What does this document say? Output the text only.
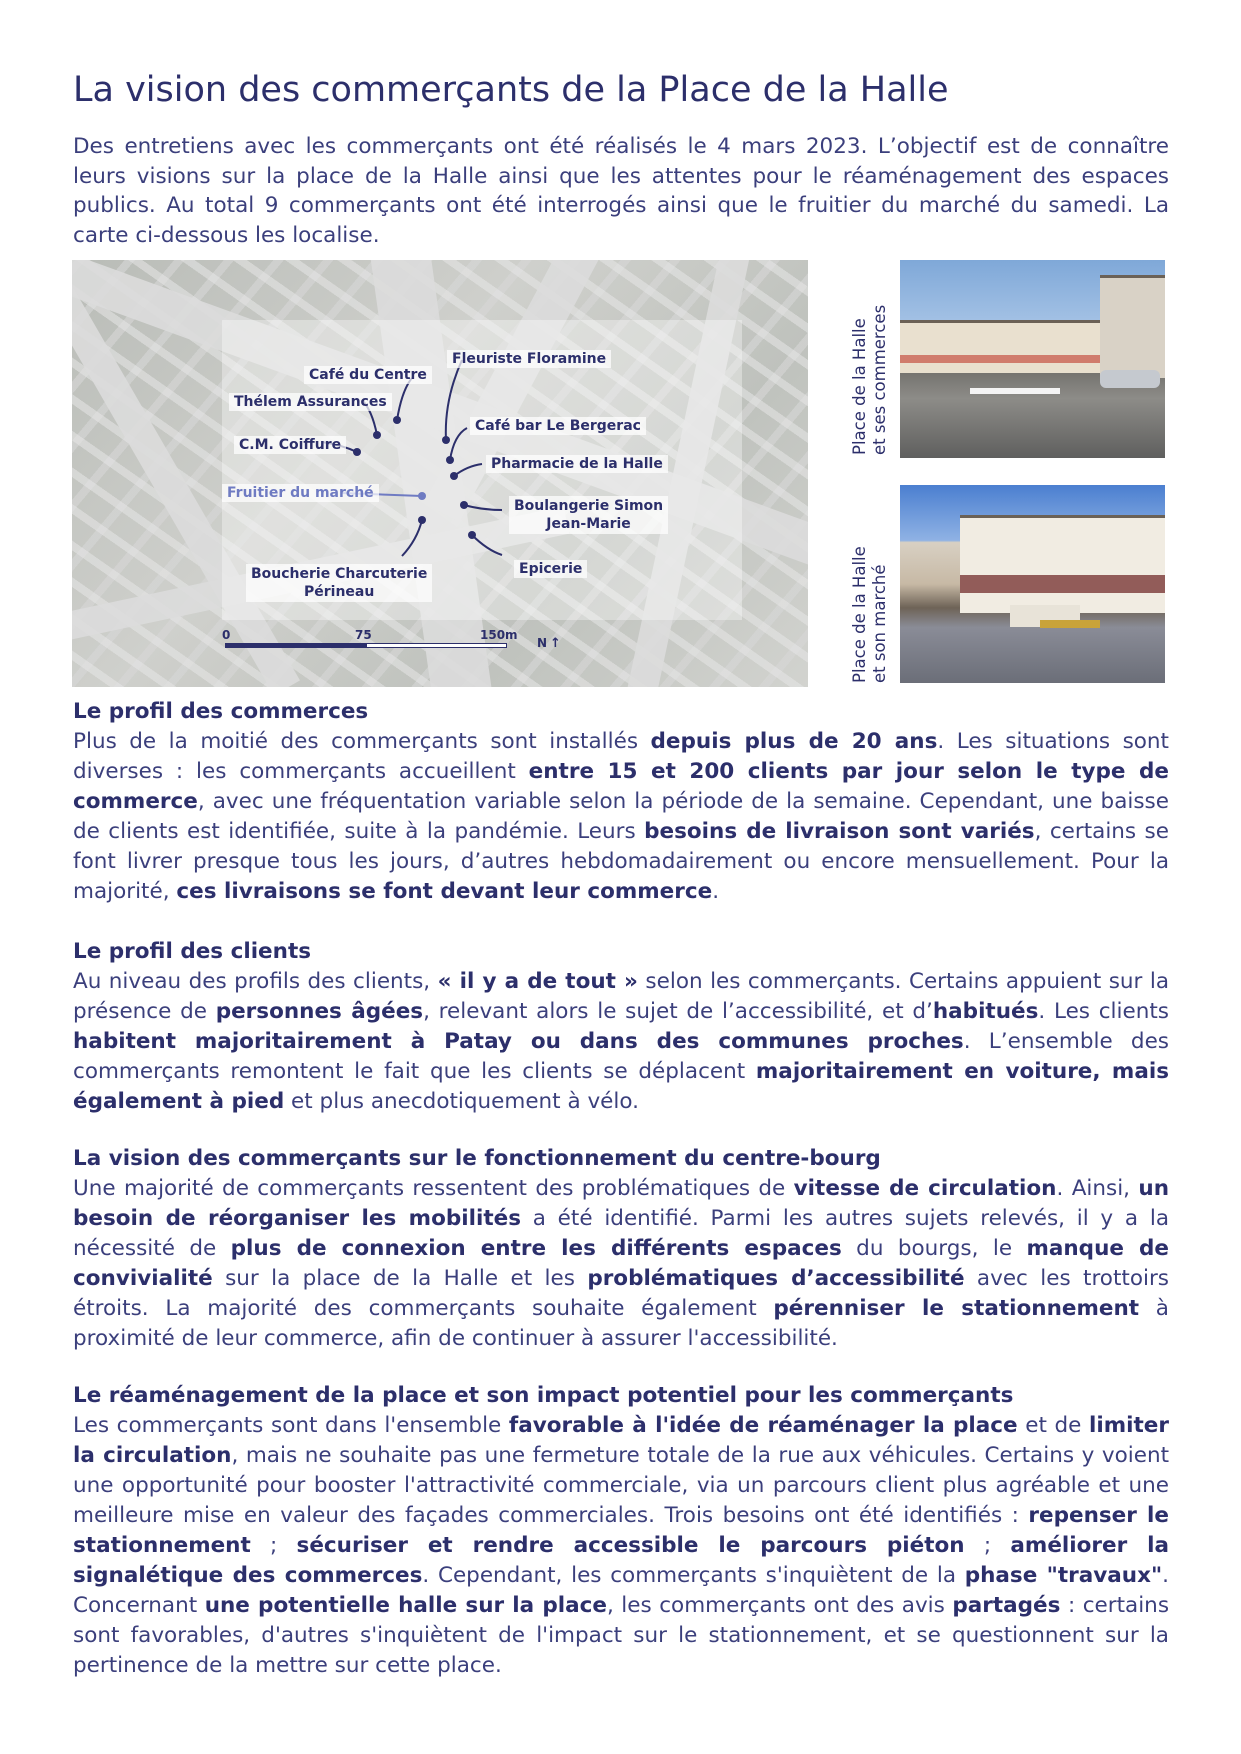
La vision des commerçants de la Place de la Halle

Des entretiens avec les commerçants ont été réalisés le 4 mars 2023. L’objectif est de connaître leurs visions sur la place de la Halle ainsi que les attentes pour le réaménagement des espaces publics. Au total 9 commerçants ont été interrogés ainsi que le fruitier du marché du samedi. La carte ci-dessous les localise.

Café du Centre
Fleuriste Floramine
Thélem Assurances
Café bar Le Bergerac
C.M. Coiffure
Pharmacie de la Halle
Fruitier du marché
Boulangerie Simon
Jean-Marie
Epicerie
Boucherie Charcuterie
Périneau
0	75	150m
N ↑
Place de la Halle
et ses commerces
Place de la Halle
et son marché
Le profil des commerces

Plus de la moitié des commerçants sont installés depuis plus de 20 ans. Les situations sont diverses : les commerçants accueillent entre 15 et 200 clients par jour selon le type de commerce, avec une fréquentation variable selon la période de la semaine. Cependant, une baisse de clients est identifiée, suite à la pandémie. Leurs besoins de livraison sont variés, certains se font livrer presque tous les jours, d’autres hebdomadairement ou encore mensuellement. Pour la majorité, ces livraisons se font devant leur commerce.

Le profil des clients

Au niveau des profils des clients, « il y a de tout » selon les commerçants. Certains appuient sur la présence de personnes âgées, relevant alors le sujet de l’accessibilité, et d’habitués. Les clients habitent majoritairement à Patay ou dans des communes proches. L’ensemble des commerçants remontent le fait que les clients se déplacent majoritairement en voiture, mais également à pied et plus anecdotiquement à vélo.

La vision des commerçants sur le fonctionnement du centre-bourg

Une majorité de commerçants ressentent des problématiques de vitesse de circulation. Ainsi, un besoin de réorganiser les mobilités a été identifié. Parmi les autres sujets relevés, il y a la nécessité de plus de connexion entre les différents espaces du bourgs, le manque de convivialité sur la place de la Halle et les problématiques d’accessibilité avec les trottoirs étroits. La majorité des commerçants souhaite également pérenniser le stationnement à proximité de leur commerce, afin de continuer à assurer l'accessibilité.

Le réaménagement de la place et son impact potentiel pour les commerçants

Les commerçants sont dans l'ensemble favorable à l'idée de réaménager la place et de limiter la circulation, mais ne souhaite pas une fermeture totale de la rue aux véhicules. Certains y voient une opportunité pour booster l'attractivité commerciale, via un parcours client plus agréable et une meilleure mise en valeur des façades commerciales. Trois besoins ont été identifiés : repenser le stationnement ; sécuriser et rendre accessible le parcours piéton ; améliorer la signalétique des commerces. Cependant, les commerçants s'inquiètent de la phase "travaux". Concernant une potentielle halle sur la place, les commerçants ont des avis partagés : certains sont favorables, d'autres s'inquiètent de l'impact sur le stationnement, et se questionnent sur la pertinence de la mettre sur cette place.
